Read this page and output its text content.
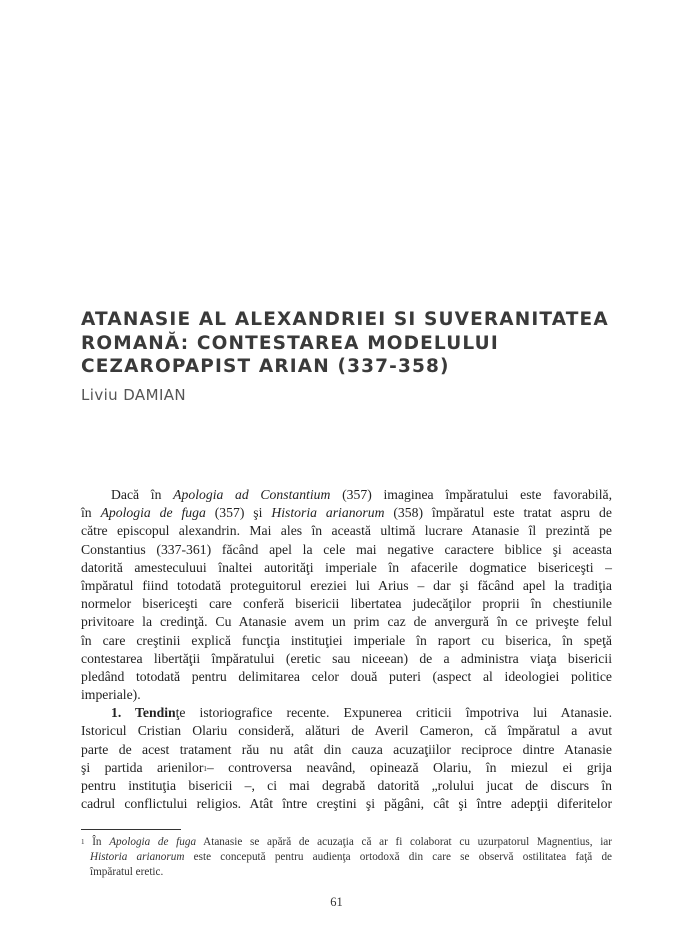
ATANASIE AL ALEXANDRIEI SI SUVERANITATEA
ROMANĂ: CONTESTAREA MODELULUI
CEZAROPAPIST ARIAN (337-358)

Liviu DAMIAN

Dacă în Apologia ad Constantium (357) imaginea împăratului este favorabilă,
în Apologia de fuga (357) şi Historia arianorum (358) împăratul este tratat aspru de
către episcopul alexandrin. Mai ales în această ultimă lucrare Atanasie îl prezintă pe
Constantius (337-361) făcând apel la cele mai negative caractere biblice şi aceasta
datorită amesteculuui înaltei autorităţi imperiale în afacerile dogmatice bisericeşti –
împăratul fiind totodată proteguitorul ereziei lui Arius – dar şi făcând apel la tradiţia
normelor bisericeşti care conferă bisericii libertatea judecăţilor proprii în chestiunile
privitoare la credinţă. Cu Atanasie avem un prim caz de anvergură în ce priveşte felul
în care creştinii explică funcţia instituţiei imperiale în raport cu biserica, în speţă
contestarea libertăţii împăratului (eretic sau niceean) de a administra viaţa bisericii
pledând totodată pentru delimitarea celor două puteri (aspect al ideologiei politice
imperiale).
1. Tendinţe istoriografice recente. Expunerea criticii împotriva lui Atanasie.
Istoricul Cristian Olariu consideră, alături de Averil Cameron, că împăratul a avut
parte de acest tratament rău nu atât din cauza acuzaţiilor reciproce dintre Atanasie
şi partida arienilor$^1$– controversa neavând, opinează Olariu, în miezul ei grija
pentru instituţia bisericii –, ci mai degrabă datorită „rolului jucat de discurs în
cadrul conflictului religios. Atât între creştini şi păgâni, cât şi între adepţii diferitelor
$^1$ În Apologia de fuga Atanasie se apără de acuzaţia că ar fi colaborat cu uzurpatorul Magnentius, iar
Historia arianorum este concepută pentru audienţa ortodoxă din care se observă ostilitatea faţă de
împăratul eretic.
61
